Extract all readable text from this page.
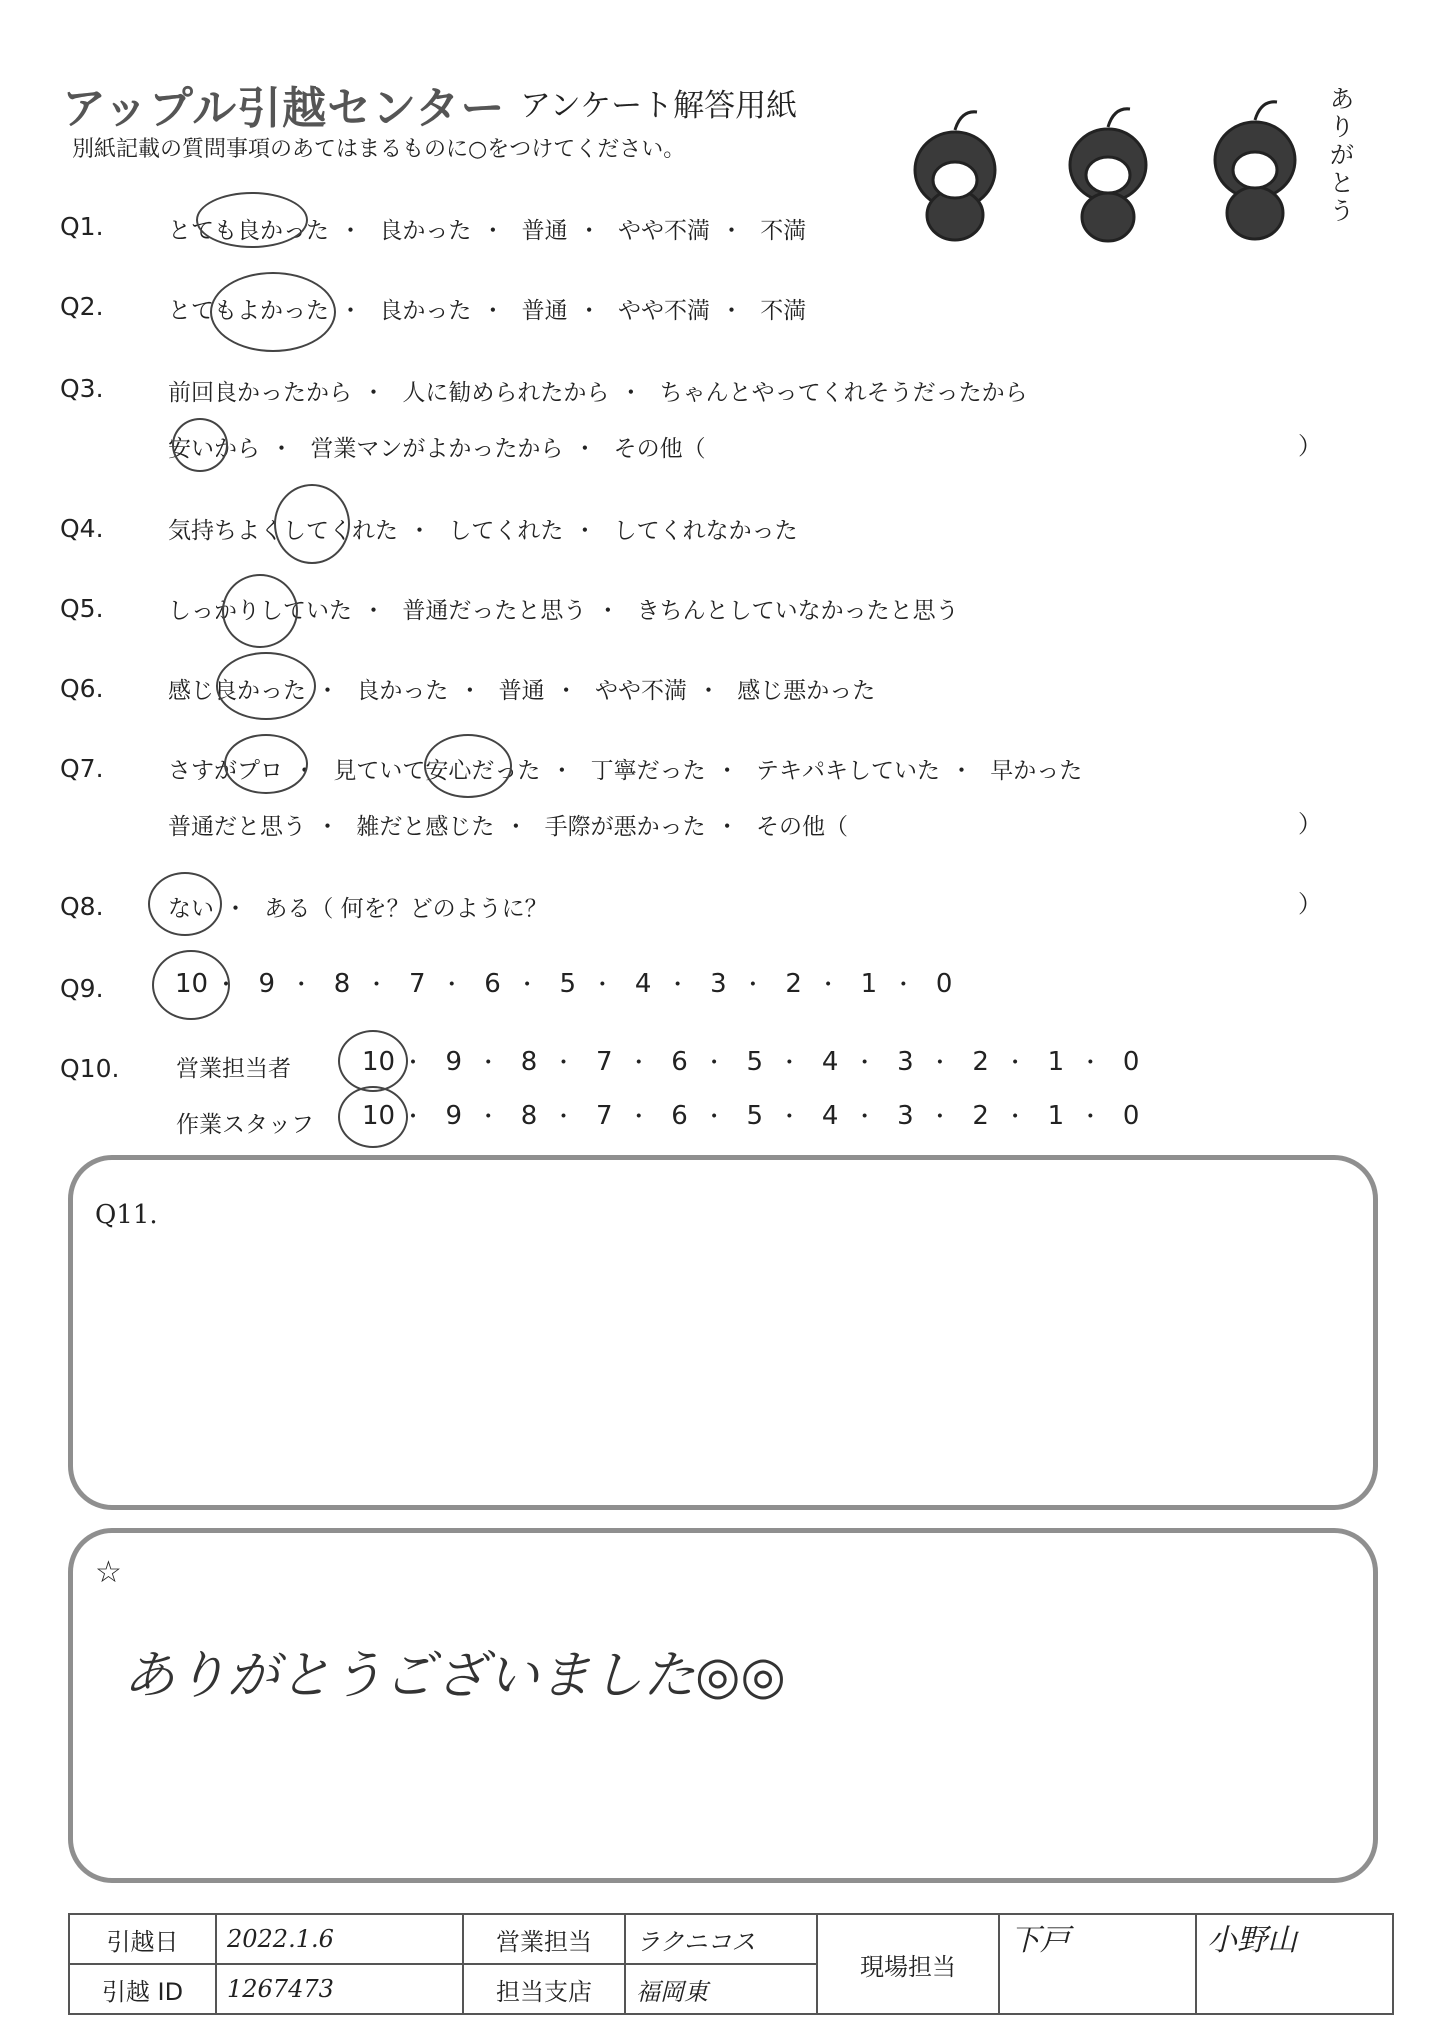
アップル引越センター アンケート解答用紙
別紙記載の質問事項のあてはまるものに○をつけてください。
ありがとう
Q1.	とても良かった ・ 良かった ・ 普通 ・ やや不満 ・ 不満
Q2.	とてもよかった ・ 良かった ・ 普通 ・ やや不満 ・ 不満
Q3.	前回良かったから ・ 人に勧められたから ・ ちゃんとやってくれそうだったから
安いから ・ 営業マンがよかったから ・ その他（	）
Q4.	気持ちよくしてくれた ・ してくれた ・ してくれなかった
Q5.	しっかりしていた ・ 普通だったと思う ・ きちんとしていなかったと思う
Q6.	感じ良かった ・ 良かった ・ 普通 ・ やや不満 ・ 感じ悪かった
Q7.	さすがプロ ・ 見ていて安心だった ・ 丁寧だった ・ テキパキしていた ・ 早かった
普通だと思う ・ 雑だと感じた ・ 手際が悪かった ・ その他（	）
Q8.	ない ・ ある（ 何を？どのように？	）
Q9.	10 ・ 9 ・ 8 ・ 7 ・ 6 ・ 5 ・ 4 ・ 3 ・ 2 ・ 1 ・ 0
Q10. 営業担当者	10 ・ 9 ・ 8 ・ 7 ・ 6 ・ 5 ・ 4 ・ 3 ・ 2 ・ 1 ・ 0
作業スタッフ 10 ・ 9 ・ 8 ・ 7 ・ 6 ・ 5 ・ 4 ・ 3 ・ 2 ・ 1 ・ 0
Q11.
☆
ありがとうございました◎◎
引越日	2022.1.6	営業担当	ラクニコス	現場担当	下戸	小野山
引越 ID	1267473	担当支店	福岡東			
